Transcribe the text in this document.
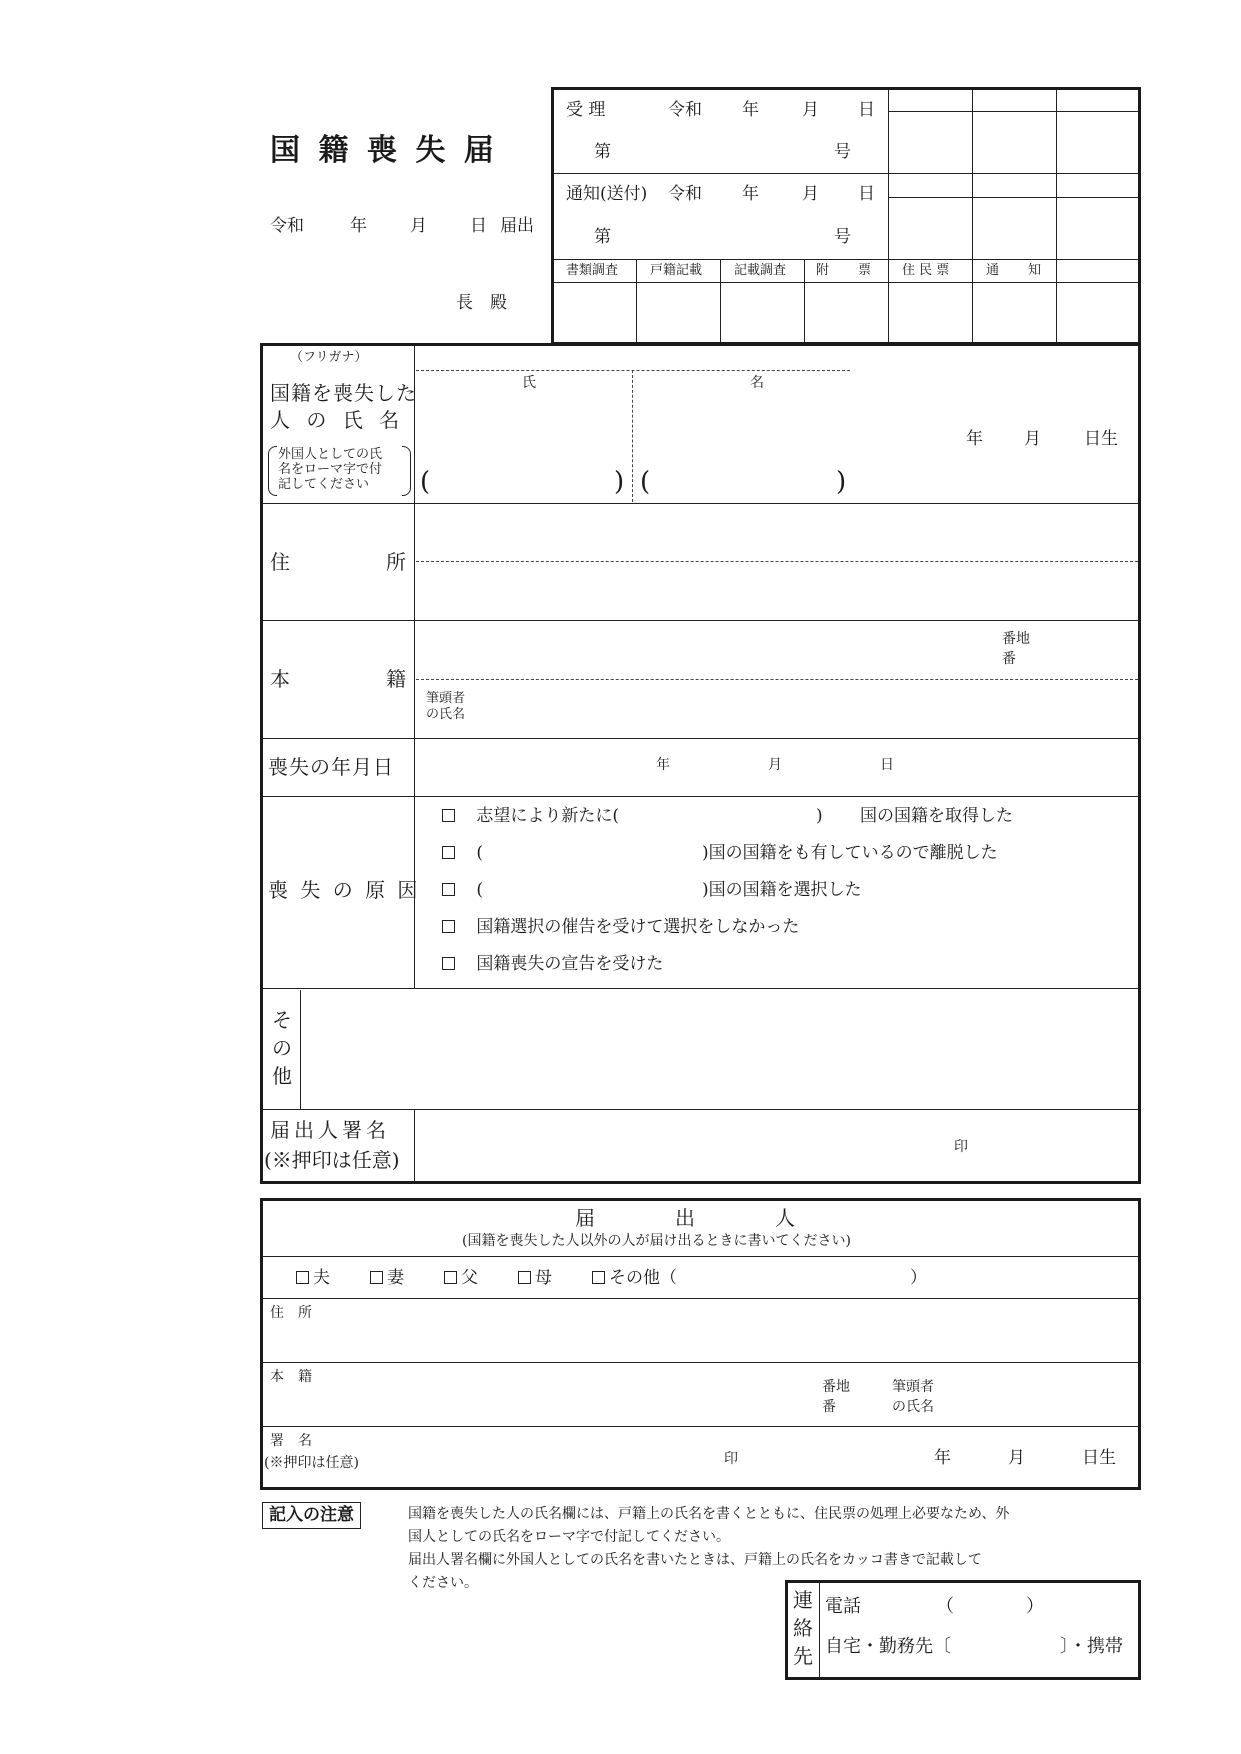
国 籍 喪 失 届
令和	年	月	日 届出
長　殿
受 理	令和 年	月 日
第	号
通知(送付) 令和 年	月 日
第	号
書類調査 戸籍記載 記載調査 附　票 住 民 票	通　知
（フリガナ）
国籍を喪失した
人 の 氏 名
外国人としての氏
名をローマ字で付
記してください
氏	名
(	) (	)
年 月	日生
住	所
本	籍
番地
番
筆頭者
の氏名
喪失の年月日	年	月	日
喪 失 の 原 因
志望により新たに(	) 国の国籍を取得した
(	)国の国籍をも有しているので離脱した
(	)国の国籍を選択した
国籍選択の催告を受けて選択をしなかった
国籍喪失の宣告を受けた
そ
の
他
届出人署名
(※押印は任意)
印
届　　　　出　　　　人
(国籍を喪失した人以外の人が届け出るときに書いてください)
夫	妻	父	母	その他（	）
住　所
本　籍
番地
番
筆頭者
の氏名
署　名
(※押印は任意)	印	年	月	日生
記入の注意	国籍を喪失した人の氏名欄には、戸籍上の氏名を書くとともに、住民票の処理上必要なため、外
国人としての氏名をローマ字で付記してください。
届出人署名欄に外国人としての氏名を書いたときは、戸籍上の氏名をカッコ書きで記載して
ください。
連
絡
先
電話	（　　　　）
自宅・勤務先〔	〕・携帯
